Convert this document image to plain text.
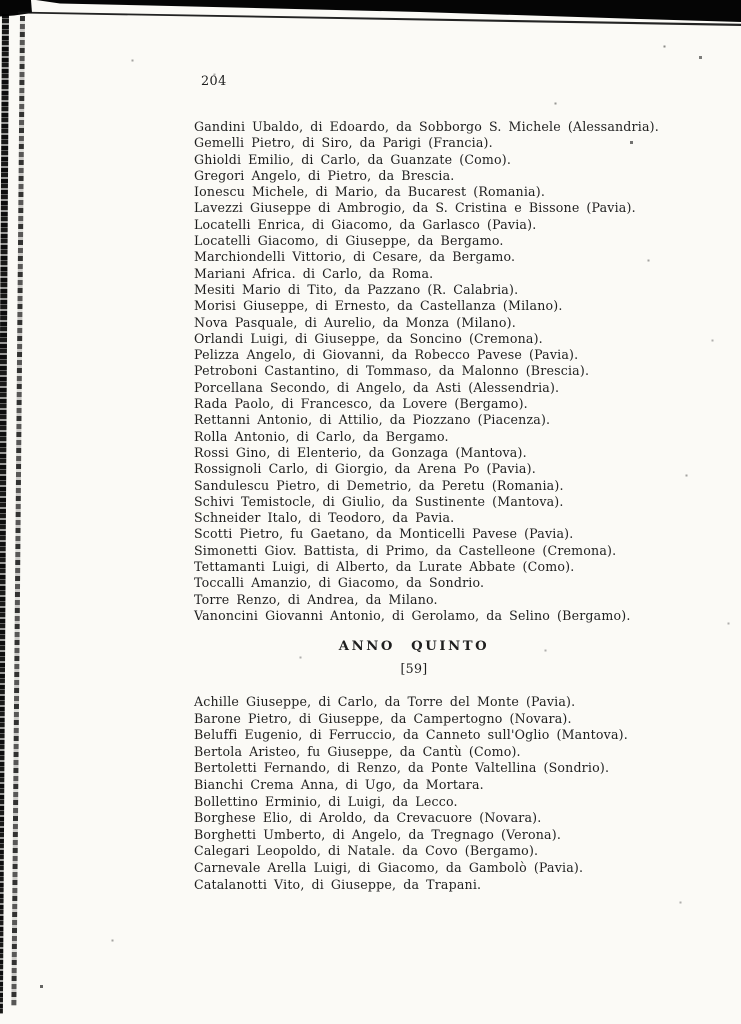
204
Gandini Ubaldo, di Edoardo, da Sobborgo S. Michele (Alessandria).
Gemelli Pietro, di Siro, da Parigi (Francia).
Ghioldi Emilio, di Carlo, da Guanzate (Como).
Gregori Angelo, di Pietro, da Brescia.
Ionescu Michele, di Mario, da Bucarest (Romania).
Lavezzi Giuseppe di Ambrogio, da S. Cristina e Bissone (Pavia).
Locatelli Enrica, di Giacomo, da Garlasco (Pavia).
Locatelli Giacomo, di Giuseppe, da Bergamo.
Marchiondelli Vittorio, di Cesare, da Bergamo.
Mariani Africa. di Carlo, da Roma.
Mesiti Mario di Tito, da Pazzano (R. Calabria).
Morisi Giuseppe, di Ernesto, da Castellanza (Milano).
Nova Pasquale, di Aurelio, da Monza (Milano).
Orlandi Luigi, di Giuseppe, da Soncino (Cremona).
Pelizza Angelo, di Giovanni, da Robecco Pavese (Pavia).
Petroboni Castantino, di Tommaso, da Malonno (Brescia).
Porcellana Secondo, di Angelo, da Asti (Alessendria).
Rada Paolo, di Francesco, da Lovere (Bergamo).
Rettanni Antonio, di Attilio, da Piozzano (Piacenza).
Rolla Antonio, di Carlo, da Bergamo.
Rossi Gino, di Elenterio, da Gonzaga (Mantova).
Rossignoli Carlo, di Giorgio, da Arena Po (Pavia).
Sandulescu Pietro, di Demetrio, da Peretu (Romania).
Schivi Temistocle, di Giulio, da Sustinente (Mantova).
Schneider Italo, di Teodoro, da Pavia.
Scotti Pietro, fu Gaetano, da Monticelli Pavese (Pavia).
Simonetti Giov. Battista, di Primo, da Castelleone (Cremona).
Tettamanti Luigi, di Alberto, da Lurate Abbate (Como).
Toccalli Amanzio, di Giacomo, da Sondrio.
Torre Renzo, di Andrea, da Milano.
Vanoncini Giovanni Antonio, di Gerolamo, da Selino (Bergamo).
ANNO QUINTO
[59]
Achille Giuseppe, di Carlo, da Torre del Monte (Pavia).
Barone Pietro, di Giuseppe, da Campertogno (Novara).
Beluffi Eugenio, di Ferruccio, da Canneto sull'Oglio (Mantova).
Bertola Aristeo, fu Giuseppe, da Cantù (Como).
Bertoletti Fernando, di Renzo, da Ponte Valtellina (Sondrio).
Bianchi Crema Anna, di Ugo, da Mortara.
Bollettino Erminio, di Luigi, da Lecco.
Borghese Elio, di Aroldo, da Crevacuore (Novara).
Borghetti Umberto, di Angelo, da Tregnago (Verona).
Calegari Leopoldo, di Natale. da Covo (Bergamo).
Carnevale Arella Luigi, di Giacomo, da Gambolò (Pavia).
Catalanotti Vito, di Giuseppe, da Trapani.
